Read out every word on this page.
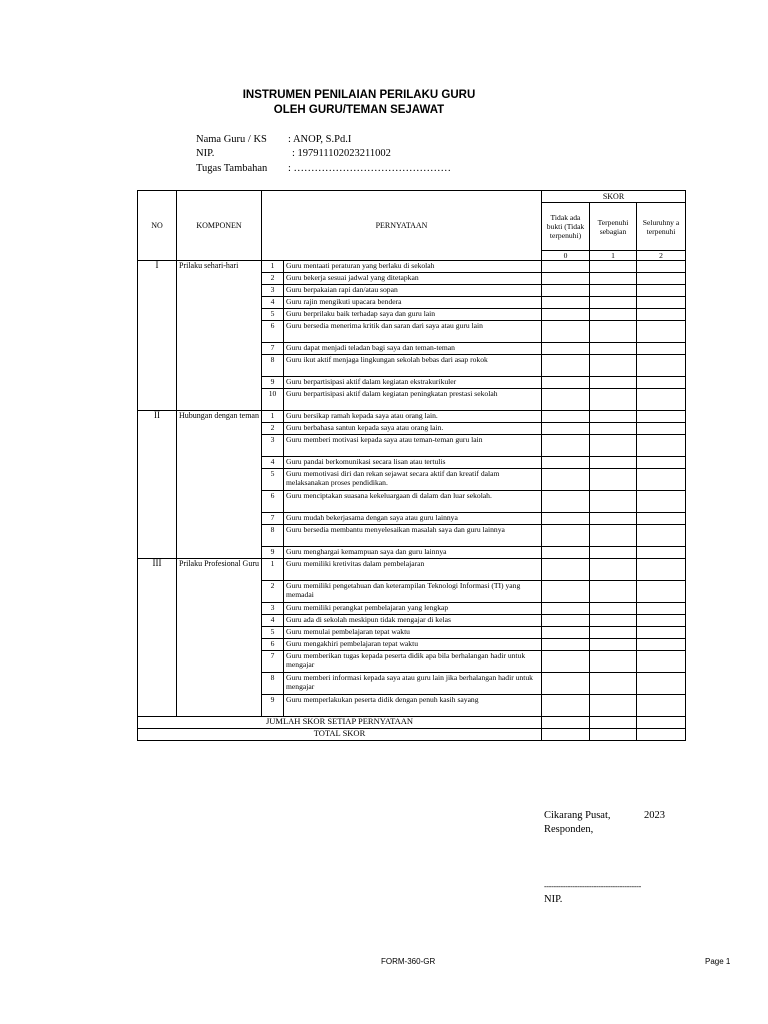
INSTRUMEN PENILAIAN PERILAKU GURU
OLEH GURU/TEMAN SEJAWAT
Nama Guru / KS : ANOP, S.Pd.I
NIP.	: 197911102023211002
Tugas Tambahan : ………………………………………
NO	KOMPONEN	PERNYATAAN		SKOR		
				Tidak ada bukti (Tidak terpenuhi)	Terpenuhi sebagian	Seluruhny a terpenuhi
				0	1	2
I	Prilaku sehari-hari	1	Guru mentaati peraturan yang berlaku di sekolah			
		2	Guru bekerja sesuai jadwal yang ditetapkan			
		3	Guru berpakaian rapi dan/atau sopan			
		4	Guru rajin mengikuti upacara bendera			
		5	Guru berprilaku baik terhadap saya dan guru lain			
		6	Guru bersedia menerima kritik dan saran dari saya atau guru lain			
		7	Guru dapat menjadi teladan bagi saya dan teman-teman			
		8	Guru ikut aktif menjaga lingkungan sekolah bebas dari asap rokok			
		9	Guru berpartisipasi aktif dalam kegiatan ekstrakurikuler			
		10	Guru berpartisipasi aktif dalam kegiatan peningkatan prestasi sekolah			
II	Hubungan dengan teman	1	Guru bersikap ramah kepada saya atau orang lain.			
		2	Guru berbahasa santun kepada saya atau orang lain.			
		3	Guru memberi motivasi kepada saya atau teman-teman guru lain			
		4	Guru pandai berkomunikasi secara lisan atau tertulis			
		5	Guru memotivasi diri dan rekan sejawat secara aktif dan kreatif dalam melaksanakan proses pendidikan.			
		6	Guru menciptakan suasana kekeluargaan di dalam dan luar sekolah.			
		7	Guru mudah bekerjasama dengan saya atau guru lainnya			
		8	Guru bersedia membantu menyelesaikan masalah saya dan guru lainnya			
		9	Guru menghargai kemampuan saya dan guru lainnya			
III	Prilaku Profesional Guru	1	Guru memiliki kretivitas dalam pembelajaran			
		2	Guru memiliki pengetahuan dan keterampilan Teknologi Informasi (TI) yang memadai			
		3	Guru memiliki perangkat pembelajaran yang lengkap			
		4	Guru ada di sekolah meskipun tidak mengajar di kelas			
		5	Guru memulai pembelajaran tepat waktu			
		6	Guru mengakhiri pembelajaran tepat waktu			
		7	Guru memberikan tugas kepada peserta didik apa bila berhalangan hadir untuk mengajar			
		8	Guru memberi informasi kepada saya atau guru lain jika berhalangan hadir untuk mengajar			
		9	Guru memperlakukan peserta didik dengan penuh kasih sayang			
JUMLAH SKOR SETIAP PERNYATAAN						
TOTAL SKOR						
Cikarang Pusat,	2023
Responden,
-----------------------------------------
NIP.
FORM-360-GR	Page 1
